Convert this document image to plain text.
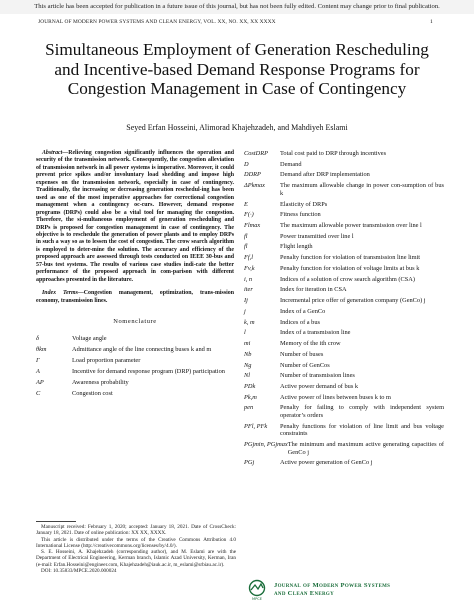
This article has been accepted for publication in a future issue of this journal, but has not been fully edited. Content may change prior to final publication.
JOURNAL OF MODERN POWER SYSTEMS AND CLEAN ENERGY, VOL. XX, NO. XX, XX XXXX	1
Simultaneous Employment of Generation Rescheduling and Incentive-based Demand Response Programs for Congestion Management in Case of Contingency
Seyed Erfan Hosseini, Alimorad Khajehzadeh, and Mahdiyeh Eslami

Abstract—Relieving congestion significantly influences the operation and security of the transmission network. Consequently, the congestion alleviation of transmission network in all power systems is imperative. Moreover, it could prevent price spikes and/or involuntary load shedding and impose high expenses on the transmission network, especially in case of contingency. Traditionally, the increasing or decreasing generation reschedul-ing has been used as one of the most imperative approaches for correctional congestion management when a contingency oc-curs. However, demand response programs (DRPs) could also be a vital tool for managing the congestion. Therefore, the si-multaneous employment of generation rescheduling and DRPs is proposed for congestion management in case of contingency. The objective is to reschedule the generation of power plants and to employ DRPs in such a way so as to lessen the cost of congestion. The crow search algorithm is employed to deter-mine the solution. The accuracy and efficiency of the proposed approach are assessed through tests conducted on IEEE 30-bus and 57-bus test systems. The results of various case studies indi-cate the better performance of the proposed approach in com-parison with different approaches presented in the literature.

Index Terms—Congestion management, optimization, trans-mission economy, transmission lines.

Nomenclature
δ	Voltage angle
θkm	Admittance angle of the line connecting buses k and m
Γ	Load proportion parameter
A	Incentive for demand response program (DRP) participation
AP	Awareness probability
C	Congestion cost
CostDRP	Total cost paid to DRP through incentives
D	Demand
DDRP	Demand after DRP implementation
ΔPkmax	The maximum allowable change in power con-sumption of bus k
E	Elasticity of DRPs
F(·)	Fitness function
Flmax	The maximum allowable power transmission over line l
fl	Power transmitted over line l
fl	Flight length
Ff,l	Penalty function for violation of transmission line limit
Fv,k	Penalty function for violation of voltage limits at bus k
i, n	Indices of a solution of crow search algorithm (CSA)
iter	Index for iteration in CSA
Ij	Incremental price offer of generation company (GenCo) j
j	Index of a GenCo
k, m	Indices of a bus
l	Index of a transmission line
mi	Memory of the ith crow
Nb	Number of buses
Ng	Number of GenCos
Nl	Number of transmission lines
PDk	Active power demand of bus k
Pk,m	Active power of lines between buses k to m
pen	Penalty for failing to comply with independent system operator’s orders
PFl, PFk	Penalty functions for violation of line limit and bus voltage constraints
PGjmin, PGjmax The minimum and maximum active generating capacities of GenCo j
PGj	Active power generation of GenCo j

Manuscript received: February 1, 2020; accepted: January 18, 2021. Date of CrossCheck: January 18, 2021. Date of online publication: XX XX, XXXX.

This article is distributed under the terms of the Creative Commons Attribution 4.0 International License (http://creativecommons.org/licenses/by/4.0/).

S. E. Hosseini, A. Khajehzadeh (corresponding author), and M. Eslami are with the Department of Electrical Engineering, Kerman branch, Islamic Azad University, Kerman, Iran (e-mail: Erfan.Hosseini@engineer.com, Khajehzadeh@iauk.ac.ir, m_eslami@srbiau.ac.ir).

DOI: 10.35833/MPCE.2020.000024

MPCE
Journal of Modern Power Systems
and Clean Energy
